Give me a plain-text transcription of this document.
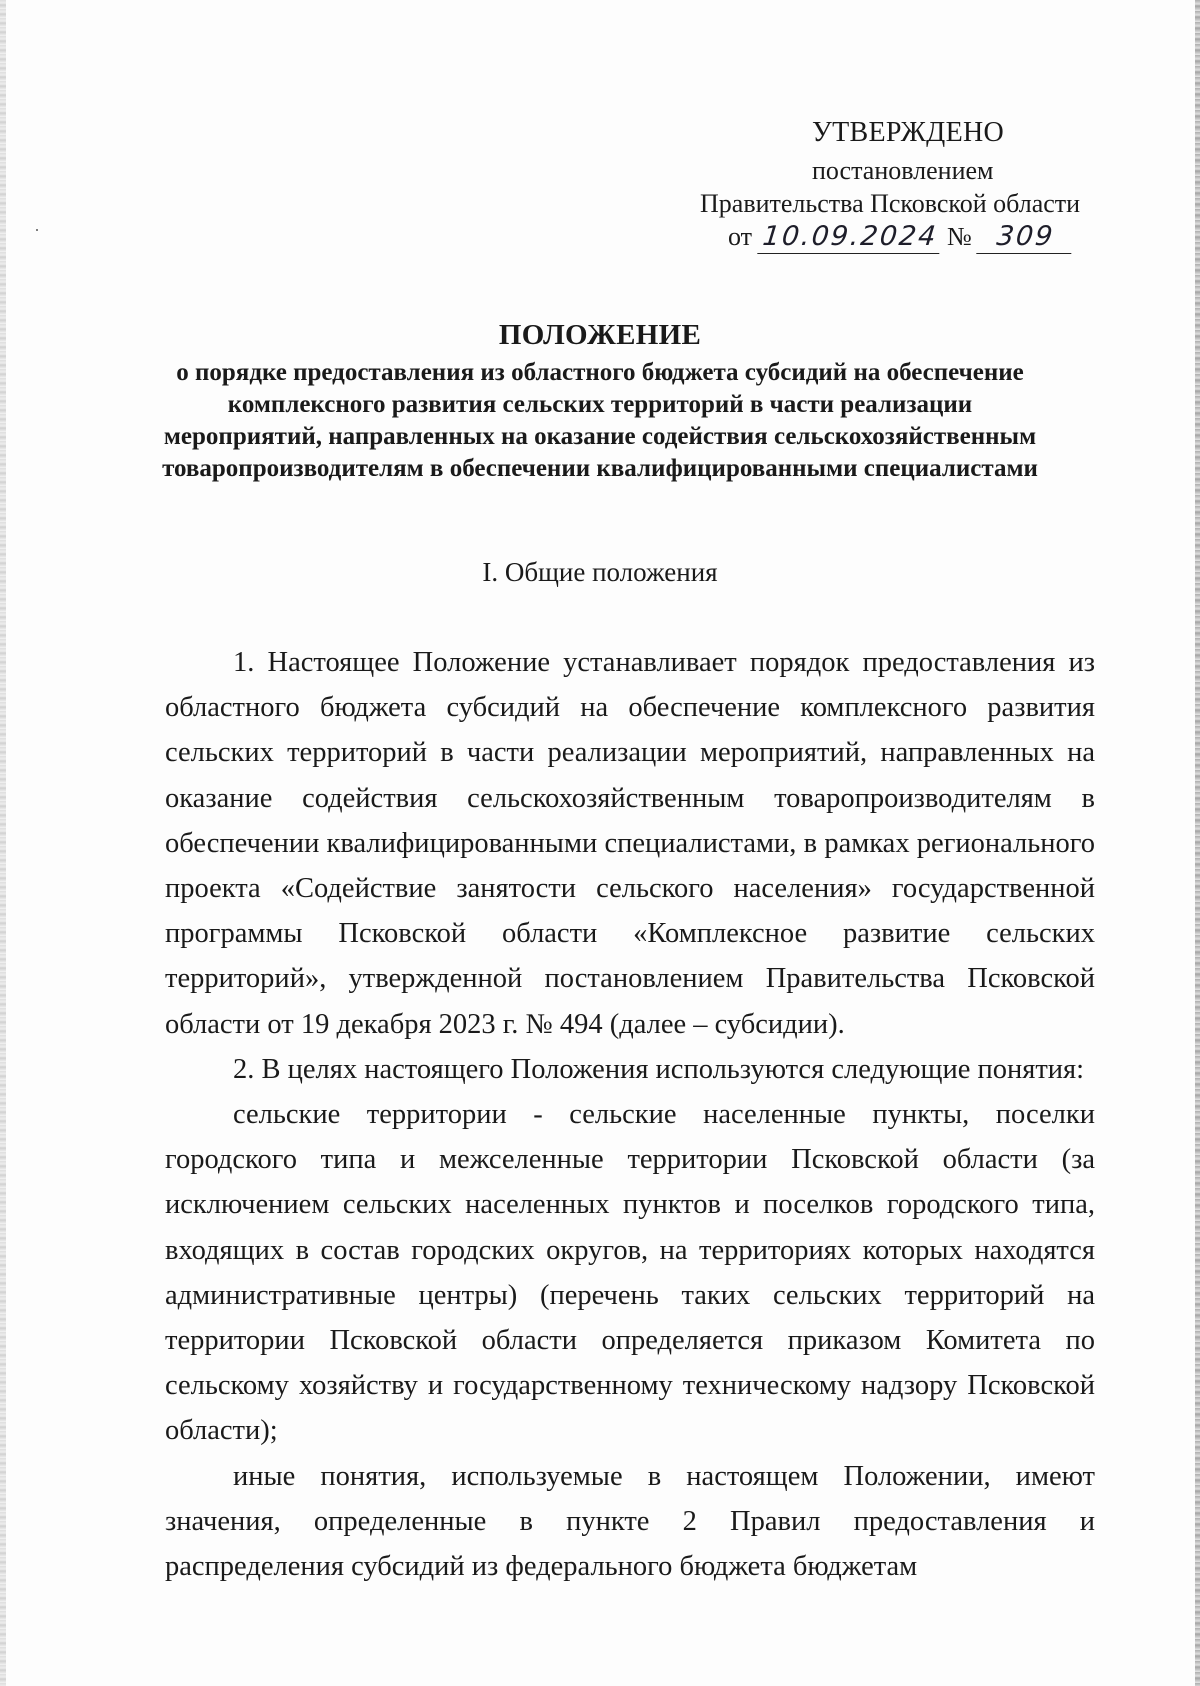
УТВЕРЖДЕНО
постановлением
Правительства Псковской области
от 10.09.2024 № 309
ПОЛОЖЕНИЕ
о порядке предоставления из областного бюджета субсидий на обеспечение комплексного развития сельских территорий в части реализации мероприятий, направленных на оказание содействия сельскохозяйственным товаропроизводителям в обеспечении квалифицированными специалистами
I. Общие положения

1. Настоящее Положение устанавливает порядок предоставления из областного бюджета субсидий на обеспечение комплексного развития сельских территорий в части реализации мероприятий, направленных на оказание содействия сельскохозяйственным товаропроизводителям в обеспечении квалифицированными специалистами, в рамках регионального проекта «Содействие занятости сельского населения» государственной программы Псковской области «Комплексное развитие сельских территорий», утвержденной постановлением Правительства Псковской области от 19 декабря 2023 г. № 494 (далее – субсидии).

2. В целях настоящего Положения используются следующие понятия:

сельские территории - сельские населенные пункты, поселки городского типа и межселенные территории Псковской области (за исключением сельских населенных пунктов и поселков городского типа, входящих в состав городских округов, на территориях которых находятся административные центры) (перечень таких сельских территорий на территории Псковской области определяется приказом Комитета по сельскому хозяйству и государственному техническому надзору Псковской области);

иные понятия, используемые в настоящем Положении, имеют значения, определенные в пункте 2 Правил предоставления и распределения субсидий из федерального бюджета бюджетам
